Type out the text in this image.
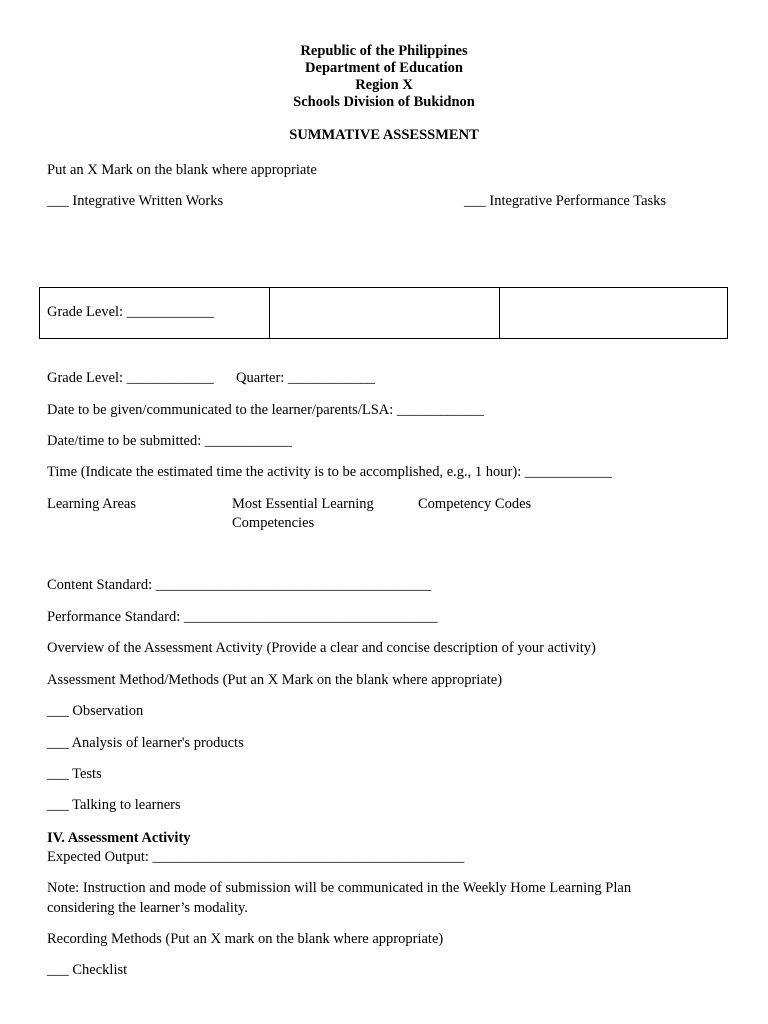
Republic of the Philippines
Department of Education
Region X
Schools Division of Bukidnon
SUMMATIVE ASSESSMENT
Put an X Mark on the blank where appropriate
___ Integrative Written Works	___ Integrative Performance Tasks
Grade Level: ____________
Grade Level: ____________ Quarter: ____________
Date to be given/communicated to the learner/parents/LSA: ____________
Date/time to be submitted: ____________
Time (Indicate the estimated time the activity is to be accomplished, e.g., 1 hour): ____________
Learning Areas	Most Essential Learning
Competencies
Competency Codes
Content Standard: ______________________________________
Performance Standard: ___________________________________
Overview of the Assessment Activity (Provide a clear and concise description of your activity)
Assessment Method/Methods (Put an X Mark on the blank where appropriate)
___ Observation
___ Analysis of learner's products
___ Tests
___ Talking to learners
IV. Assessment Activity
Expected Output: ___________________________________________
Note: Instruction and mode of submission will be communicated in the Weekly Home Learning Plan
considering the learner’s modality.
Recording Methods (Put an X mark on the blank where appropriate)
___ Checklist
